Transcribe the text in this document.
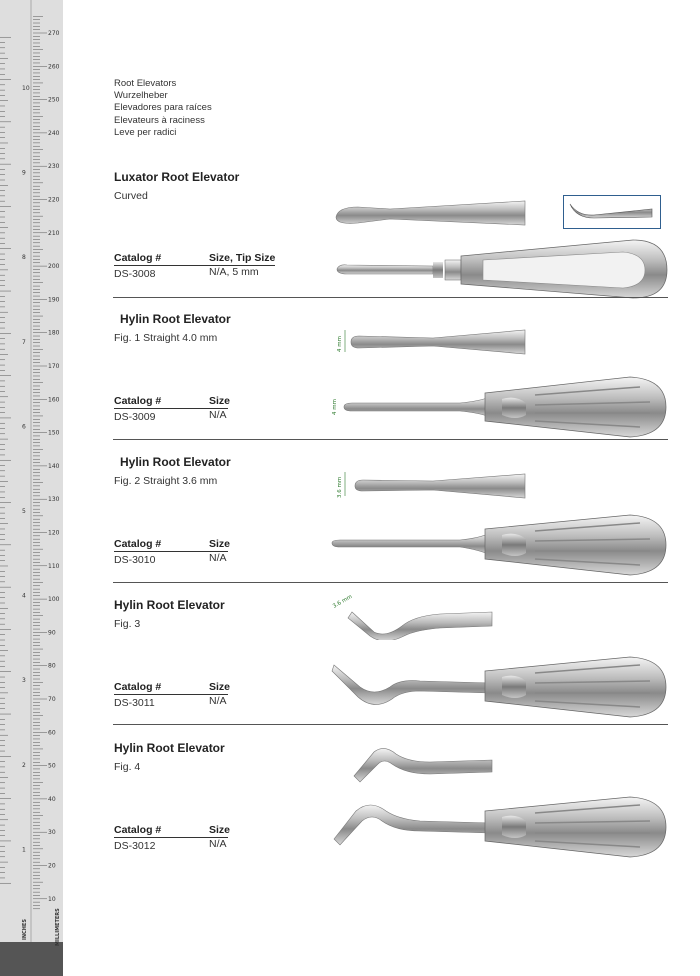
270
260
250
240
230
220
210
200
190
180
170
160
150
140
130
120
110
100
90
80
70
60
50
40
30
20
10
10
9
8
7
6
5
4
3
2
1
INCHES	MILLIMETERS
Root Elevators
Wurzelheber
Elevadores para raíces
Elevateurs à raciness
Leve per radici
Luxator Root Elevator
Curved
Catalog #	Size, Tip Size
DS-3008	N/A, 5 mm
Hylin Root Elevator
Fig. 1 Straight 4.0 mm
Catalog #	Size
DS-3009	N/A
4 mm
4 mm
Hylin Root Elevator
Fig. 2 Straight 3.6 mm
Catalog #	Size
DS-3010	N/A
3.6 mm
Hylin Root Elevator
Fig. 3
Catalog #	Size
DS-3011	N/A
3.6 mm
Hylin Root Elevator
Fig. 4
Catalog #	Size
DS-3012	N/A
